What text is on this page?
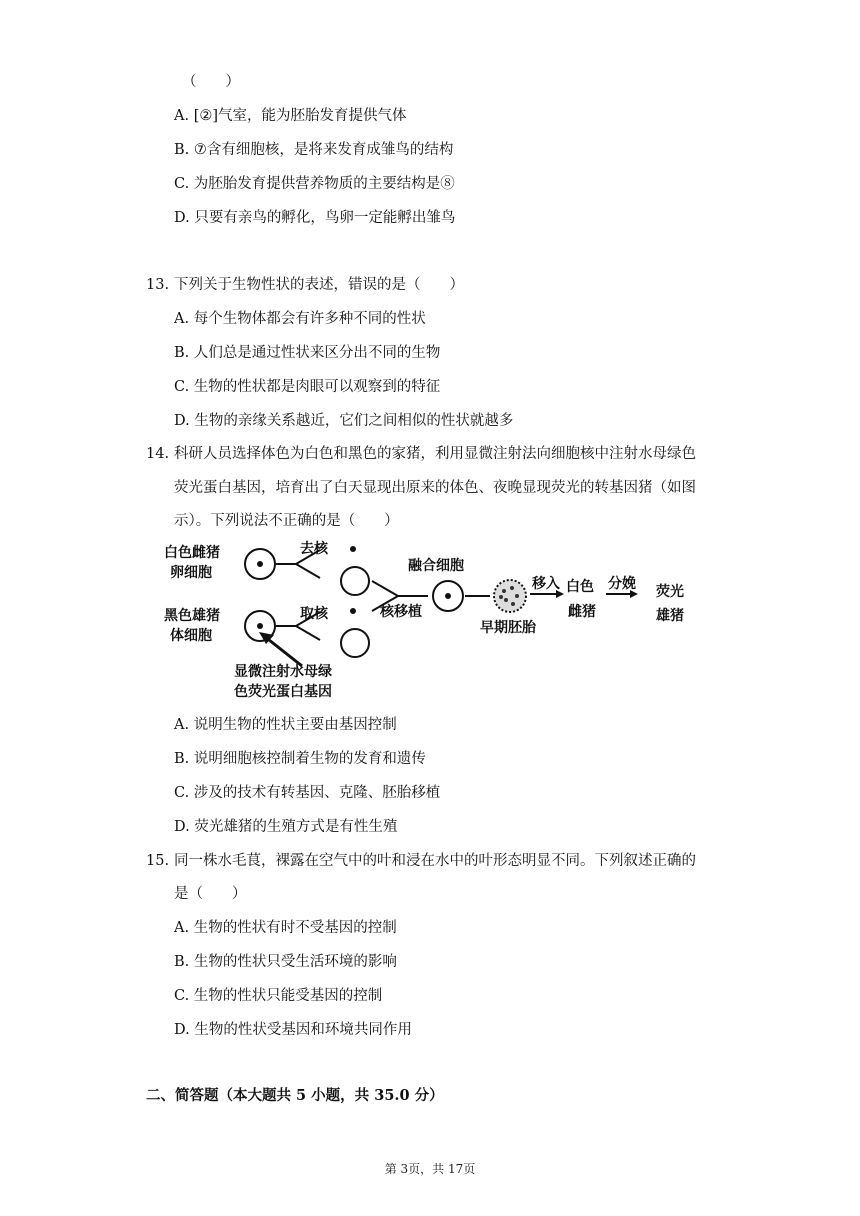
（　　）
A. [②]气室，能为胚胎发育提供气体
B. ⑦含有细胞核，是将来发育成雏鸟的结构
C. 为胚胎发育提供营养物质的主要结构是⑧
D. 只要有亲鸟的孵化，鸟卵一定能孵出雏鸟
13. 下列关于生物性状的表述，错误的是（　　）
A. 每个生物体都会有许多种不同的性状
B. 人们总是通过性状来区分出不同的生物
C. 生物的性状都是肉眼可以观察到的特征
D. 生物的亲缘关系越近，它们之间相似的性状就越多
14. 科研人员选择体色为白色和黑色的家猪，利用显微注射法向细胞核中注射水母绿色
荧光蛋白基因，培育出了白天显现出原来的体色、夜晚显现荧光的转基因猪（如图
示）。下列说法不正确的是（　　）
白色雌猪
卵细胞
去核
黑色雄猪
体细胞
取核
显微注射水母绿
色荧光蛋白基因
核移植
融合细胞
早期胚胎
移入 白色
雌猪
分娩 荧光
雄猪
A. 说明生物的性状主要由基因控制
B. 说明细胞核控制着生物的发育和遗传
C. 涉及的技术有转基因、克隆、胚胎移植
D. 荧光雄猪的生殖方式是有性生殖
15. 同一株水毛茛，裸露在空气中的叶和浸在水中的叶形态明显不同。下列叙述正确的
是（　　）
A. 生物的性状有时不受基因的控制
B. 生物的性状只受生活环境的影响
C. 生物的性状只能受基因的控制
D. 生物的性状受基因和环境共同作用
二、简答题（本大题共 5 小题，共 35.0 分）
第 3页，共 17页
